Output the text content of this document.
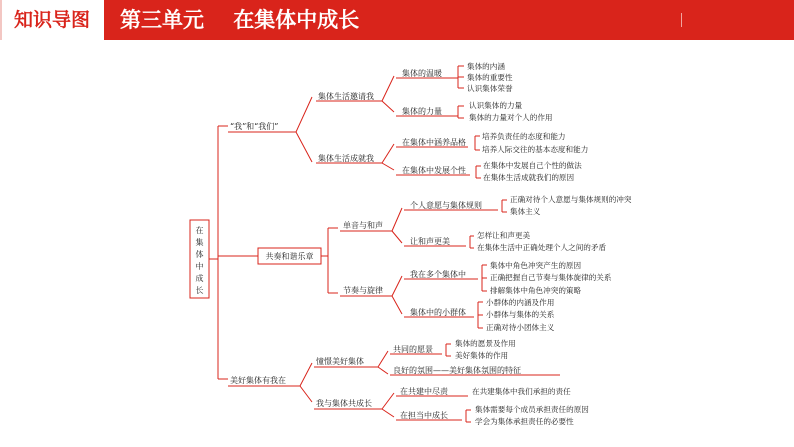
知识导图	第三单元    在集体中成长
在
集
体
中
成
长
“我”和“我们”
集体生活邀请我
集体的温暖
集体的内涵
集体的重要性
认识集体荣誉
集体的力量
认识集体的力量
集体的力量对个人的作用
集体生活成就我
在集体中涵养品格
培养负责任的态度和能力
培养人际交往的基本态度和能力
在集体中发展个性
在集体中发展自己个性的做法
在集体生活成就我们的原因
共奏和谐乐章
单音与和声
个人意愿与集体规则
正确对待个人意愿与集体规则的冲突
集体主义
让和声更美
怎样让和声更美
在集体生活中正确处理个人之间的矛盾
节奏与旋律
我在多个集体中
集体中角色冲突产生的原因
正确把握自己节奏与集体旋律的关系
排解集体中角色冲突的策略
集体中的小群体
小群体的内涵及作用
小群体与集体的关系
正确对待小团体主义
美好集体有我在
憧憬美好集体
共同的愿景
集体的愿景及作用
美好集体的作用
良好的氛围——美好集体氛围的特征
我与集体共成长
在共建中尽责	在共建集体中我们承担的责任
在担当中成长
集体需要每个成员承担责任的原因
学会为集体承担责任的必要性
